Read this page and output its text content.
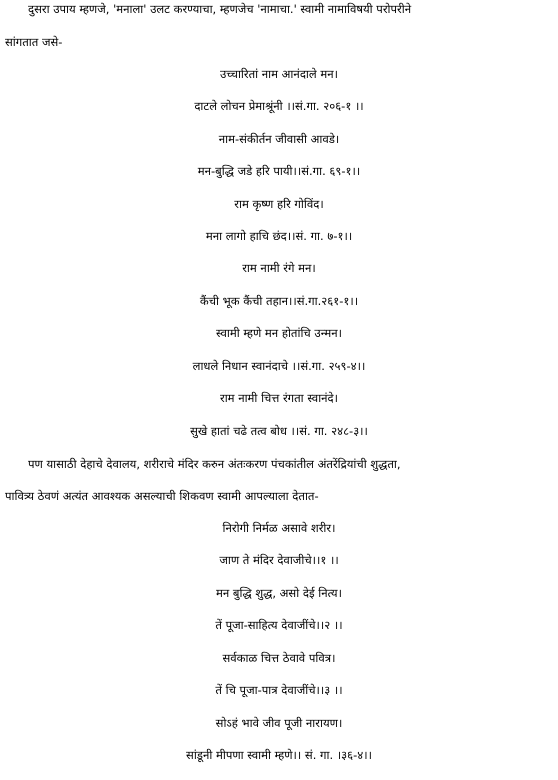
दुसरा उपाय म्हणजे, 'मनाला' उलट करण्याचा, म्हणजेच 'नामाचा.' स्वामी नामाविषयी परोपरीने
सांगतात जसे-
उच्चारितां नाम आनंदाले मन।
दाटले लोचन प्रेमाश्रूंनी ।।सं.गा. २०६-१ ।।
नाम-संकीर्तन जीवासी आवडे।
मन-बुद्धि जडे हरि पायी।।सं.गा. ६९-१।।
राम कृष्ण हरि गोविंद।
मना लागो हाचि छंद।।सं. गा. ७-१।।
राम नामी रंगे मन।
कैंची भूक कैंची तहान।।सं.गा.२६१-१।।
स्वामी म्हणे मन होतांचि उन्मन।
लाधले निधान स्वानंदाचे ।।सं.गा. २५९-४।।
राम नामी चित्त रंगता स्वानंदे।
सुखे हातां चढे तत्व बोध ।।सं. गा. २४८-३।।
पण यासाठी देहाचे देवालय, शरीराचे मंदिर करुन अंतःकरण पंचकांतील अंतरेंद्रियांची शुद्धता,
पावित्र्य ठेवणं अत्यंत आवश्यक असल्याची शिकवण स्वामी आपल्याला देतात-
निरोगी निर्मळ असावे शरीर।
जाण ते मंदिर देवाजीचे।।१ ।।
मन बुद्धि शुद्ध, असो देई नित्य।
तें पूजा-साहित्य देवाजींचे।।२ ।।
सर्वकाळ चित्त ठेवावे पवित्र।
तें चि पूजा-पात्र देवाजींचे।।३ ।।
सोऽहं भावे जीव पूजी नारायण।
सांडूनी मीपणा स्वामी म्हणे।। सं. गा. ।३६-४।।
